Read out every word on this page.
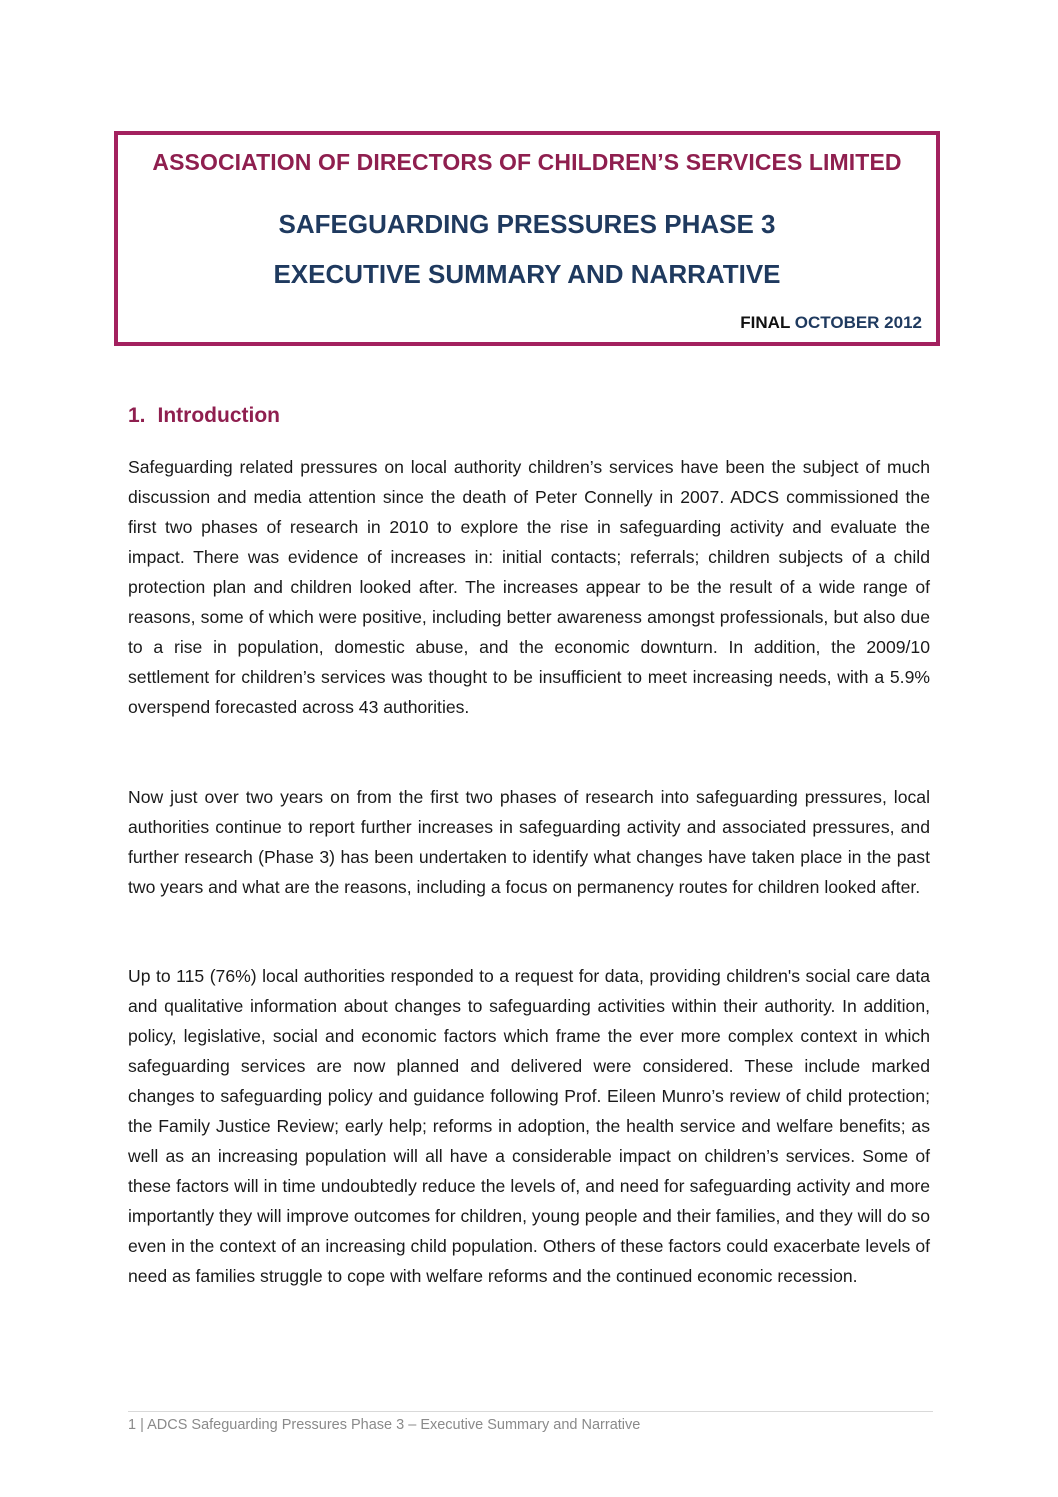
ASSOCIATION OF DIRECTORS OF CHILDREN’S SERVICES LIMITED
SAFEGUARDING PRESSURES PHASE 3
EXECUTIVE SUMMARY AND NARRATIVE
FINAL OCTOBER 2012
1. Introduction

Safeguarding related pressures on local authority children’s services have been the subject of much discussion and media attention since the death of Peter Connelly in 2007. ADCS commissioned the first two phases of research in 2010 to explore the rise in safeguarding activity and evaluate the impact. There was evidence of increases in: initial contacts; referrals; children subjects of a child protection plan and children looked after. The increases appear to be the result of a wide range of reasons, some of which were positive, including better awareness amongst professionals, but also due to a rise in population, domestic abuse, and the economic downturn. In addition, the 2009/10 settlement for children’s services was thought to be insufficient to meet increasing needs, with a 5.9% overspend forecasted across 43 authorities.

Now just over two years on from the first two phases of research into safeguarding pressures, local authorities continue to report further increases in safeguarding activity and associated pressures, and further research (Phase 3) has been undertaken to identify what changes have taken place in the past two years and what are the reasons, including a focus on permanency routes for children looked after.

Up to 115 (76%) local authorities responded to a request for data, providing children's social care data and qualitative information about changes to safeguarding activities within their authority. In addition, policy, legislative, social and economic factors which frame the ever more complex context in which safeguarding services are now planned and delivered were considered. These include marked changes to safeguarding policy and guidance following Prof. Eileen Munro’s review of child protection; the Family Justice Review; early help; reforms in adoption, the health service and welfare benefits; as well as an increasing population will all have a considerable impact on children’s services. Some of these factors will in time undoubtedly reduce the levels of, and need for safeguarding activity and more importantly they will improve outcomes for children, young people and their families, and they will do so even in the context of an increasing child population. Others of these factors could exacerbate levels of need as families struggle to cope with welfare reforms and the continued economic recession.

1 | ADCS Safeguarding Pressures Phase 3 – Executive Summary and Narrative
